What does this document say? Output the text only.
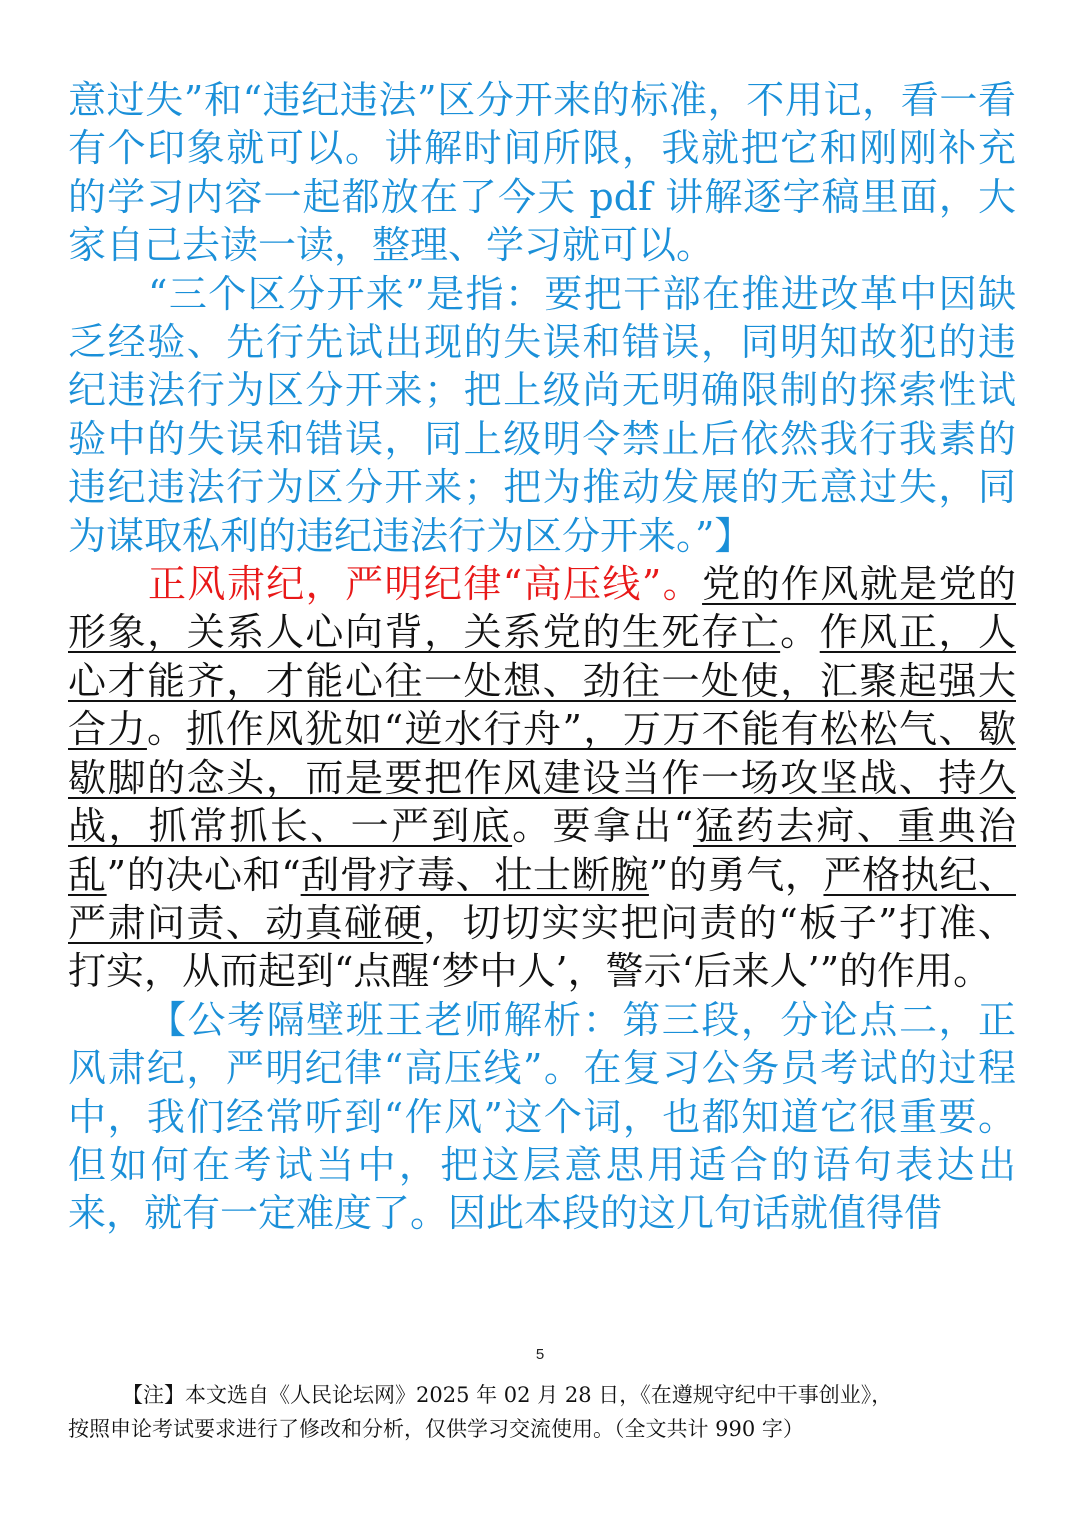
意过失”和“违纪违法”区分开来的标准，不用记，看一看有个印象就可以。讲解时间所限，我就把它和刚刚补充的学习内容一起都放在了今天 pdf 讲解逐字稿里面，大家自己去读一读，整理、学习就可以。

“三个区分开来”是指：要把干部在推进改革中因缺乏经验、先行先试出现的失误和错误，同明知故犯的违纪违法行为区分开来；把上级尚无明确限制的探索性试验中的失误和错误，同上级明令禁止后依然我行我素的违纪违法行为区分开来；把为推动发展的无意过失，同为谋取私利的违纪违法行为区分开来。”】

正风肃纪，严明纪律“高压线”。党的作风就是党的形象，关系人心向背，关系党的生死存亡。作风正，人心才能齐，才能心往一处想、劲往一处使，汇聚起强大合力。抓作风犹如“逆水行舟”，万万不能有松松气、歇歇脚的念头，而是要把作风建设当作一场攻坚战、持久战，抓常抓长、一严到底。要拿出“猛药去疴、重典治乱”的决心和“刮骨疗毒、壮士断腕”的勇气，严格执纪、严肃问责、动真碰硬，切切实实把问责的“板子”打准、打实，从而起到“点醒‘梦中人’，警示‘后来人’”的作用。

【公考隔壁班王老师解析：第三段，分论点二，正风肃纪，严明纪律“高压线”。在复习公务员考试的过程中，我们经常听到“作风”这个词，也都知道它很重要。但如何在考试当中，把这层意思用适合的语句表达出来，就有一定难度了。因此本段的这几句话就值得借

5

【注】本文选自《人民论坛网》2025 年 02 月 28 日，《在遵规守纪中干事创业》，

按照申论考试要求进行了修改和分析，仅供学习交流使用。（全文共计 990 字）
